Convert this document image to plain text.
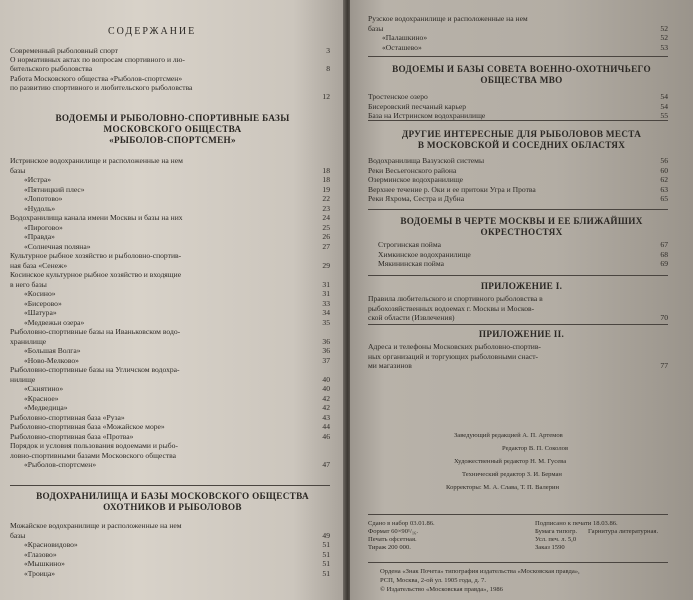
СОДЕРЖАНИЕ
Современный рыболовный спорт	3
О нормативных актах по вопросам спортивного и лю-
бительского рыболовства	8
Работа Московского общества «Рыболов-спортсмен»
по развитию спортивного и любительского рыболовства
12
ВОДОЕМЫ И РЫБОЛОВНО-СПОРТИВНЫЕ БАЗЫ
МОСКОВСКОГО ОБЩЕСТВА
«РЫБОЛОВ-СПОРТСМЕН»
Истринское водохранилище и расположенные на нем
базы	18
«Истра»	18
«Пятницкий плес»	19
«Лопотово»	22
«Нудоль»	23
Водохранилища канала имени Москвы и базы на них	24
«Пирогово»	25
«Правда»	26
«Солнечная поляна»	27
Культурное рыбное хозяйство и рыболовно-спортив-
ная база «Сенеж»	29
Косинское культурное рыбное хозяйство и входящие
в него базы	31
«Косино»	31
«Бисерово»	33
«Шатура»	34
«Медвежьи озера»	35
Рыболовно-спортивные базы на Иваньковском водо-
хранилище	36
«Большая Волга»	36
«Ново-Мелково»	37
Рыболовно-спортивные базы на Угличском водохра-
нилище	40
«Скнятино»	40
«Красное»	42
«Медведица»	42
Рыболовно-спортивная база «Руза»	43
Рыболовно-спортивная база «Можайское море»	44
Рыболовно-спортивная база «Протва»	46
Порядок и условия пользования водоемами и рыбо-
ловно-спортивными базами Московского общества
«Рыболов-спортсмен»	47
ВОДОХРАНИЛИЩА И БАЗЫ МОСКОВСКОГО ОБЩЕСТВА
ОХОТНИКОВ И РЫБОЛОВОВ
Можайское водохранилище и расположенные на нем
базы	49
«Красновидово»	51
«Глазово»	51
«Мышкино»	51
«Троица»	51
Рузское водохранилище и расположенные на нем
базы	52
«Палашкино»	52
«Осташево»	53
ВОДОЕМЫ И БАЗЫ СОВЕТА ВОЕННО-ОХОТНИЧЬЕГО
ОБЩЕСТВА МВО
Тростенское озеро	54
Бисеровский песчаный карьер	54
База на Истринском водохранилище	55
ДРУГИЕ ИНТЕРЕСНЫЕ ДЛЯ РЫБОЛОВОВ МЕСТА
В МОСКОВСКОЙ И СОСЕДНИХ ОБЛАСТЯХ
Водохранилища Вазузской системы	56
Реки Весьегонского района	60
Озерминское водохранилище	62
Верхнее течение р. Оки и ее притоки Угра и Протва	63
Реки Яхрома, Сестра и Дубна	65
ВОДОЕМЫ В ЧЕРТЕ МОСКВЫ И ЕЕ БЛИЖАЙШИХ
ОКРЕСТНОСТЯХ
Строгинская пойма	67
Химкинское водохранилище	68
Мякининская пойма	69
ПРИЛОЖЕНИЕ I.
Правила любительского и спортивного рыболовства в
рыбохозяйственных водоемах г. Москвы и Москов-
ской области (Извлечения)	70
ПРИЛОЖЕНИЕ II.
Адреса и телефоны Московских рыболовно-спортив-
ных организаций и торгующих рыболовными снаст-
ми магазинов	77
Заведующий редакцией А. П. Артемов
Редактор В. П. Соколов
Художественный редактор Н. М. Гусева
Технический редактор З. И. Берман
Корректоры: М. А. Слава, Т. П. Валерин
Сдано в набор 03.01.86.	Подписано к печати 18.03.86.
Формат 60×90¹/₁₆.	Бумага типогр. Гарнитура литературная.
Печать офсетная.	Усл. печ. л. 5,0
Тираж 200 000.	Заказ 1590
Ордена «Знак Почета» типография издательства «Московская правда»,
РСП, Москва, 2-ой ул. 1905 года, д. 7.
© Издательство «Московская правда», 1986
